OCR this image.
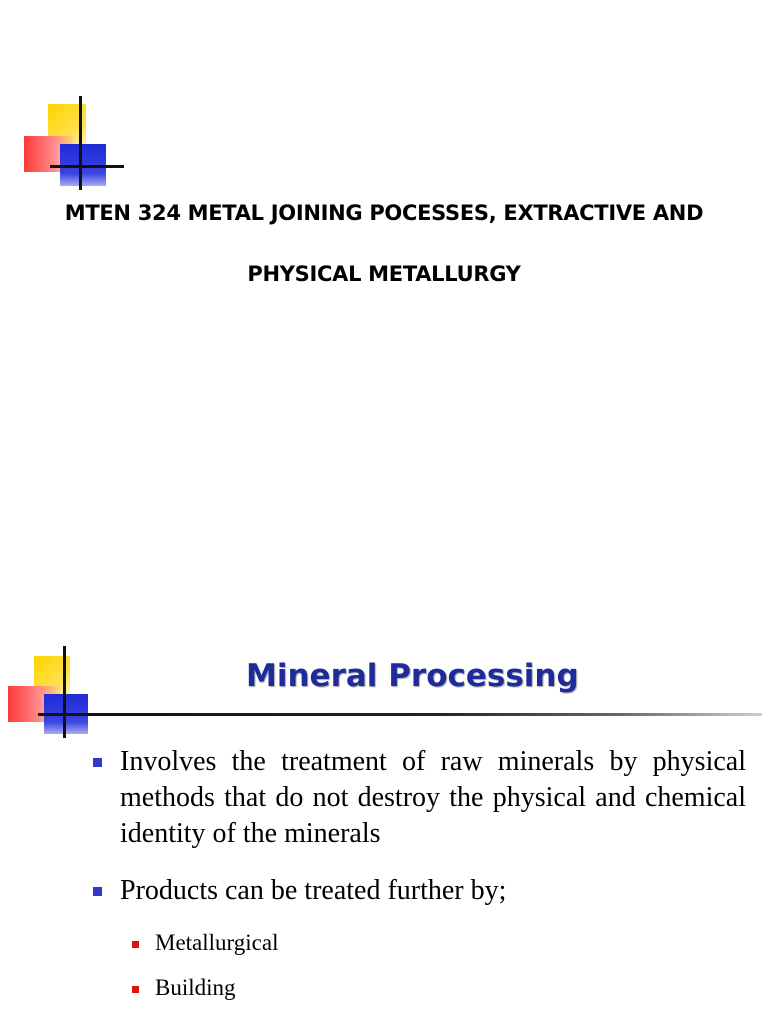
MTEN 324 METAL JOINING POCESSES, EXTRACTIVE AND
PHYSICAL METALLURGY
Mineral Processing
Involves the treatment of raw minerals by physical methods that do not destroy the physical and chemical identity of the minerals
Products can be treated further by;
Metallurgical
Building
